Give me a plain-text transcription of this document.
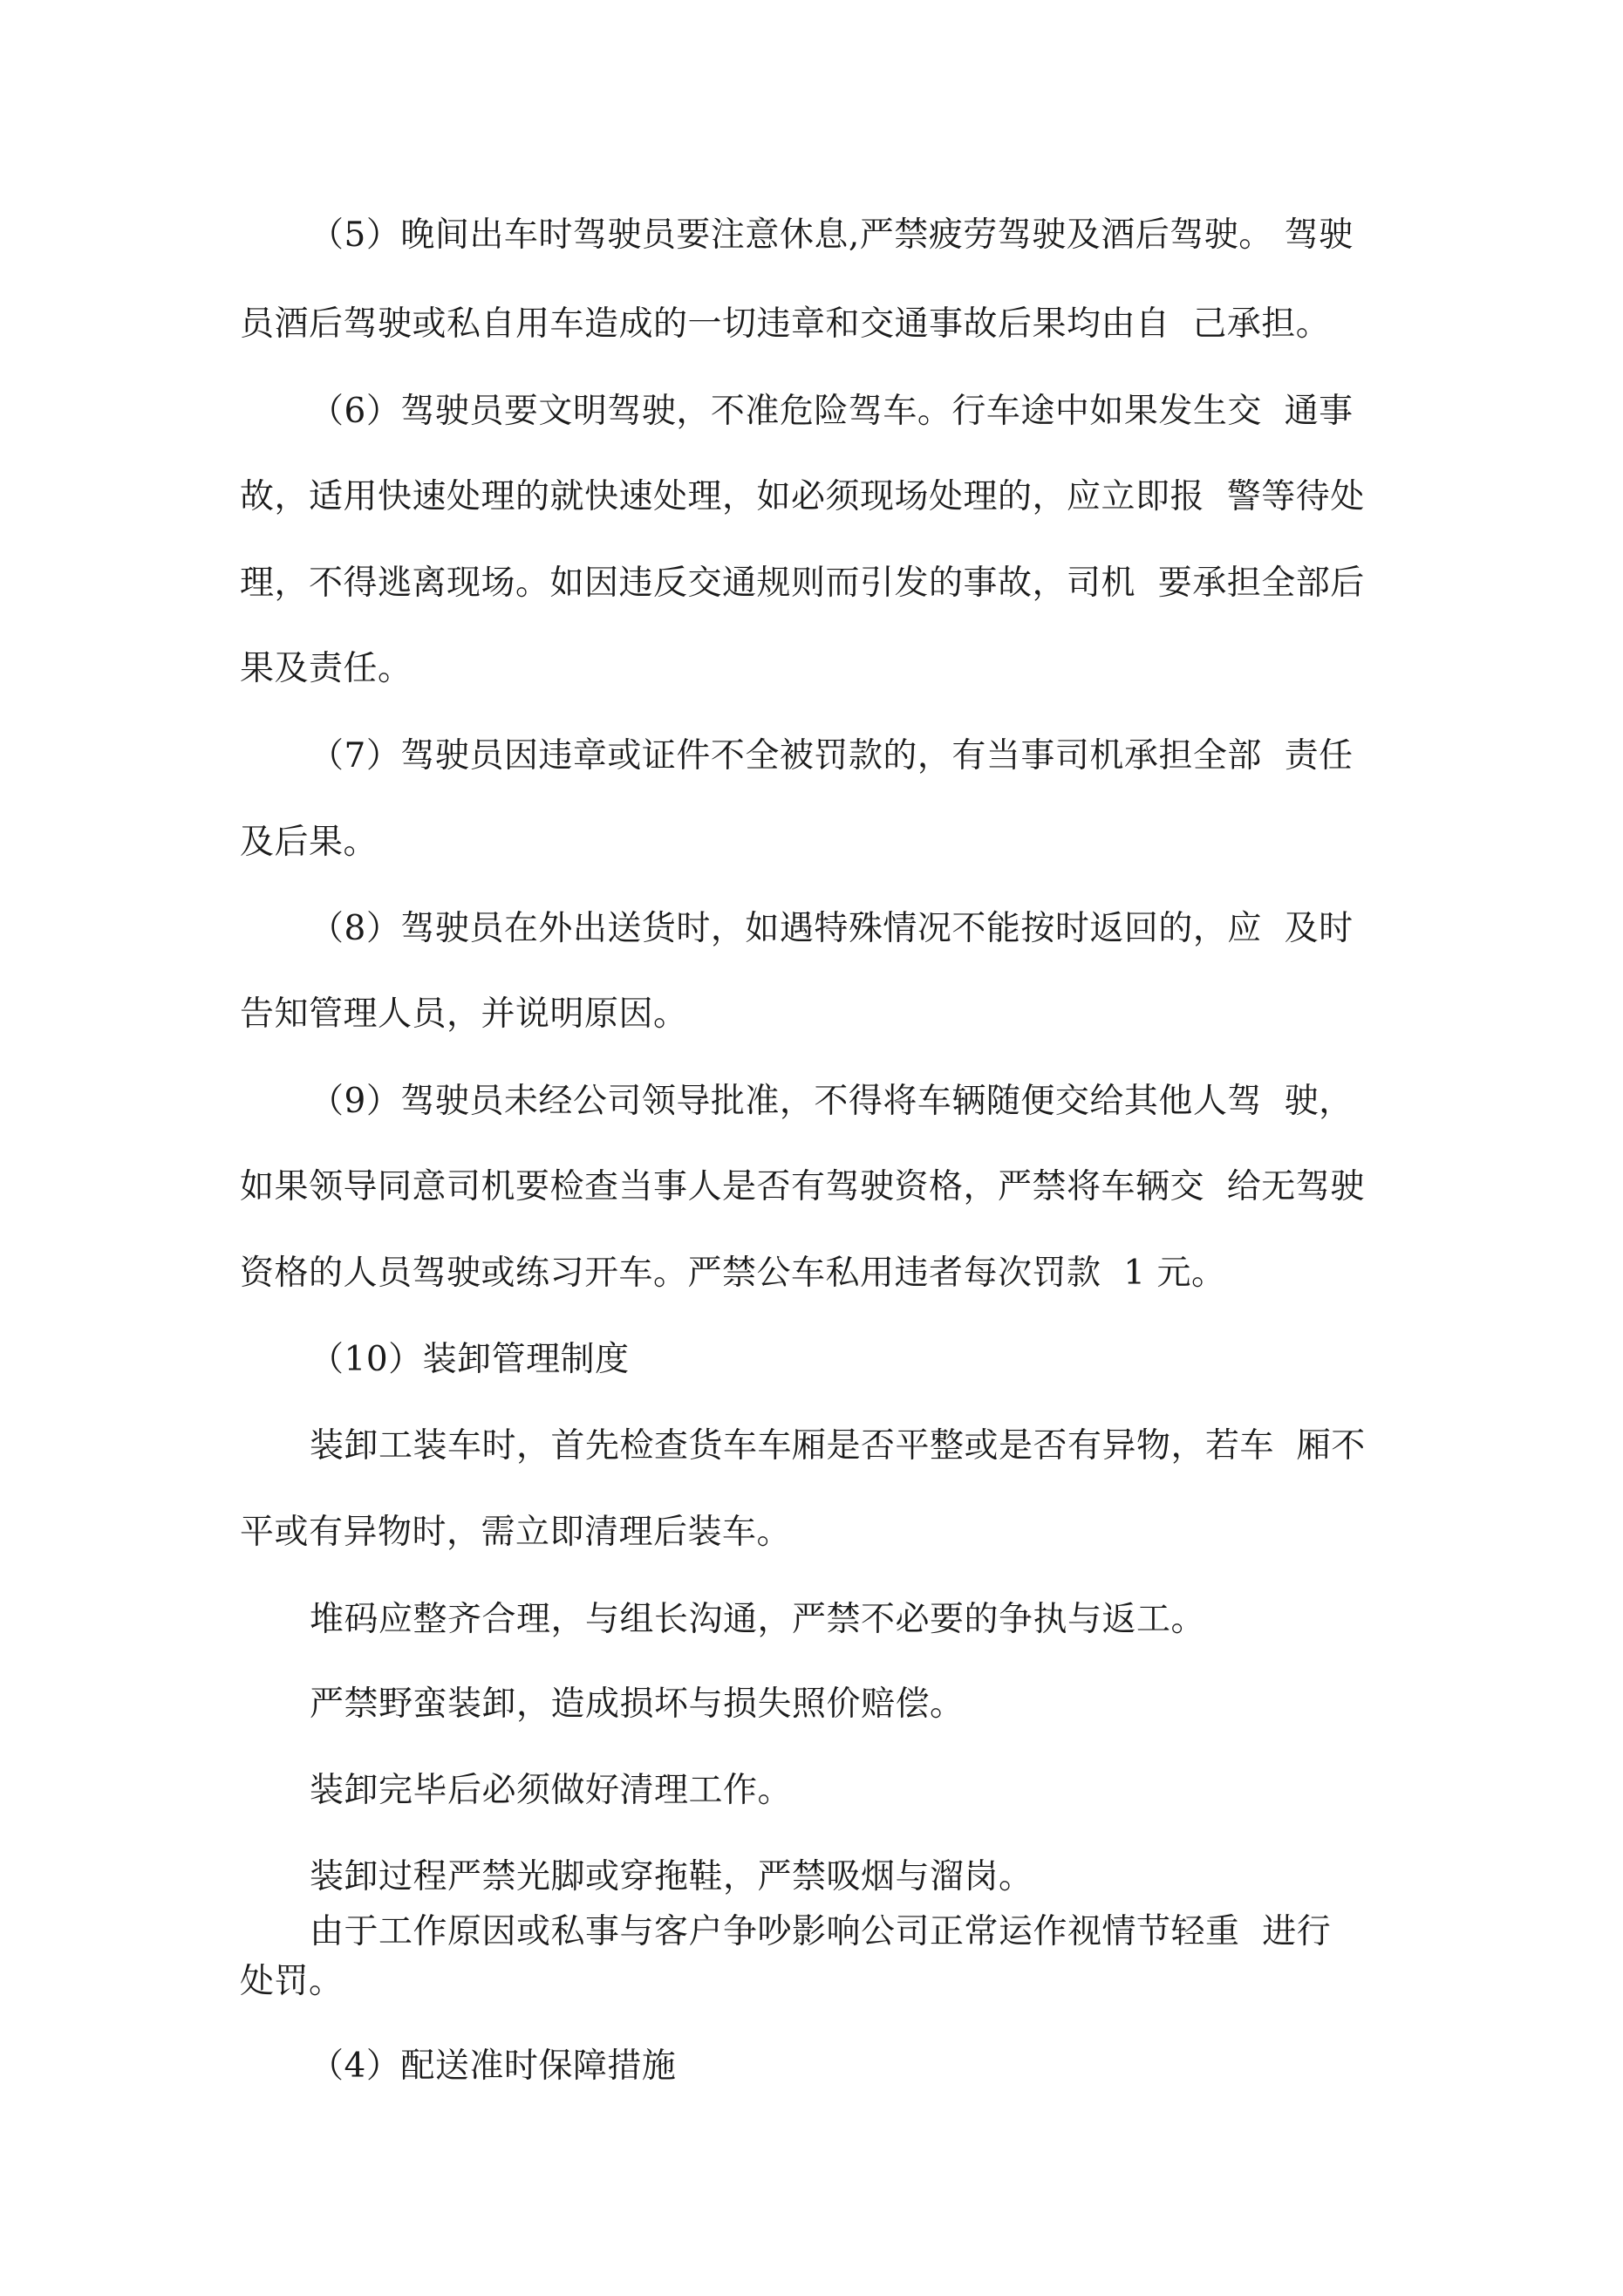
（5）晚间出车时驾驶员要注意休息,严禁疲劳驾驶及酒后驾驶。 驾驶
员酒后驾驶或私自用车造成的一切违章和交通事故后果均由自  己承担。
（6）驾驶员要文明驾驶，不准危险驾车。行车途中如果发生交  通事
故，适用快速处理的就快速处理，如必须现场处理的，应立即报  警等待处
理，不得逃离现场。如因违反交通规则而引发的事故，司机  要承担全部后
果及责任。
（7）驾驶员因违章或证件不全被罚款的，有当事司机承担全部  责任
及后果。
（8）驾驶员在外出送货时，如遇特殊情况不能按时返回的，应  及时
告知管理人员，并说明原因。
（9）驾驶员未经公司领导批准，不得将车辆随便交给其他人驾  驶，
如果领导同意司机要检查当事人是否有驾驶资格，严禁将车辆交  给无驾驶
资格的人员驾驶或练习开车。严禁公车私用违者每次罚款  1 元。
（10）装卸管理制度
装卸工装车时，首先检查货车车厢是否平整或是否有异物，若车  厢不
平或有异物时，需立即清理后装车。
堆码应整齐合理，与组长沟通，严禁不必要的争执与返工。
严禁野蛮装卸，造成损坏与损失照价赔偿。
装卸完毕后必须做好清理工作。
装卸过程严禁光脚或穿拖鞋，严禁吸烟与溜岗。
由于工作原因或私事与客户争吵影响公司正常运作视情节轻重  进行
处罚。
（4）配送准时保障措施
